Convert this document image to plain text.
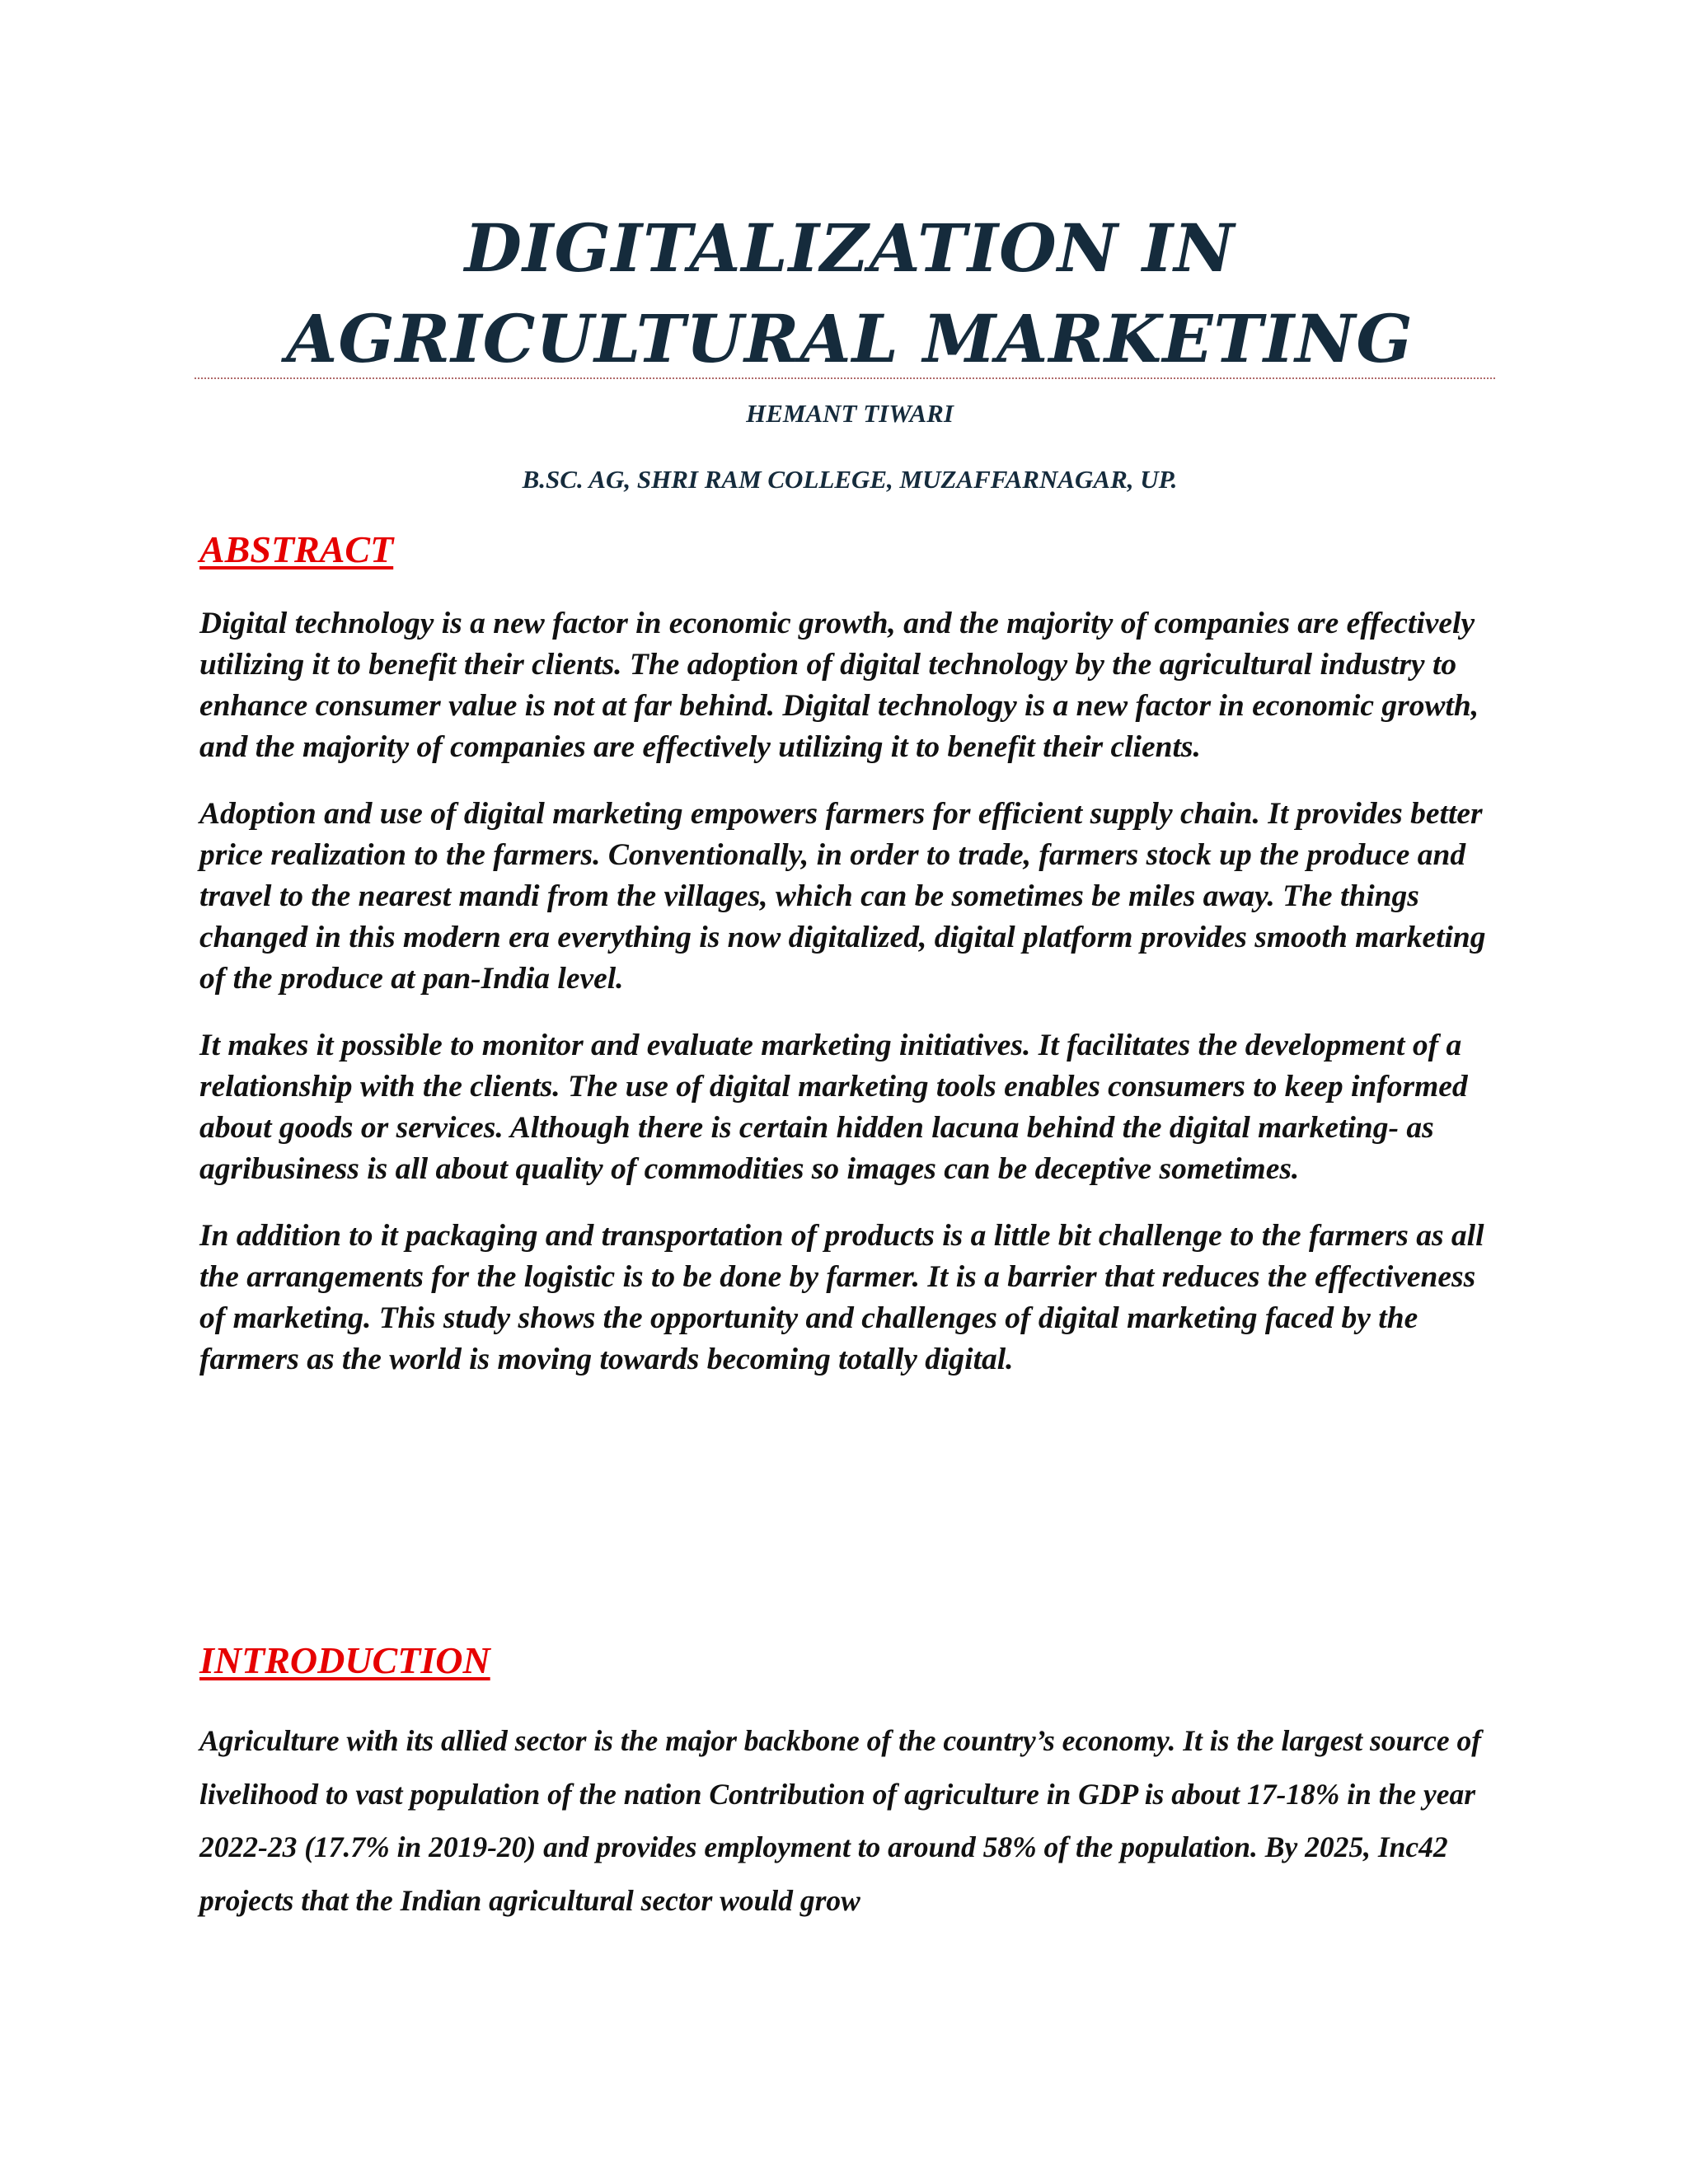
DIGITALIZATION IN
AGRICULTURAL MARKETING
HEMANT TIWARI
B.SC. AG, SHRI RAM COLLEGE, MUZAFFARNAGAR, UP.
ABSTRACT

Digital technology is a new factor in economic growth, and the majority of companies are effectively utilizing it to benefit their clients. The adoption of digital technology by the agricultural industry to enhance consumer value is not at far behind. Digital technology is a new factor in economic growth, and the majority of companies are effectively utilizing it to benefit their clients.

Adoption and use of digital marketing empowers farmers for efficient supply chain. It provides better price realization to the farmers. Conventionally, in order to trade, farmers stock up the produce and travel to the nearest mandi from the villages, which can be sometimes be miles away. The things changed in this modern era everything is now digitalized, digital platform provides smooth marketing of the produce at pan-India level.

It makes it possible to monitor and evaluate marketing initiatives. It facilitates the development of a relationship with the clients. The use of digital marketing tools enables consumers to keep informed about goods or services. Although there is certain hidden lacuna behind the digital marketing- as agribusiness is all about quality of commodities so images can be deceptive sometimes.

In addition to it packaging and transportation of products is a little bit challenge to the farmers as all the arrangements for the logistic is to be done by farmer. It is a barrier that reduces the effectiveness of marketing. This study shows the opportunity and challenges of digital marketing faced by the farmers as the world is moving towards becoming totally digital.

INTRODUCTION

Agriculture with its allied sector is the major backbone of the country’s economy. It is the largest source of livelihood to vast population of the nation Contribution of agriculture in GDP is about 17-18% in the year 2022-23 (17.7% in 2019-20) and provides employment to around 58% of the population. By 2025, Inc42 projects that the Indian agricultural sector would grow
